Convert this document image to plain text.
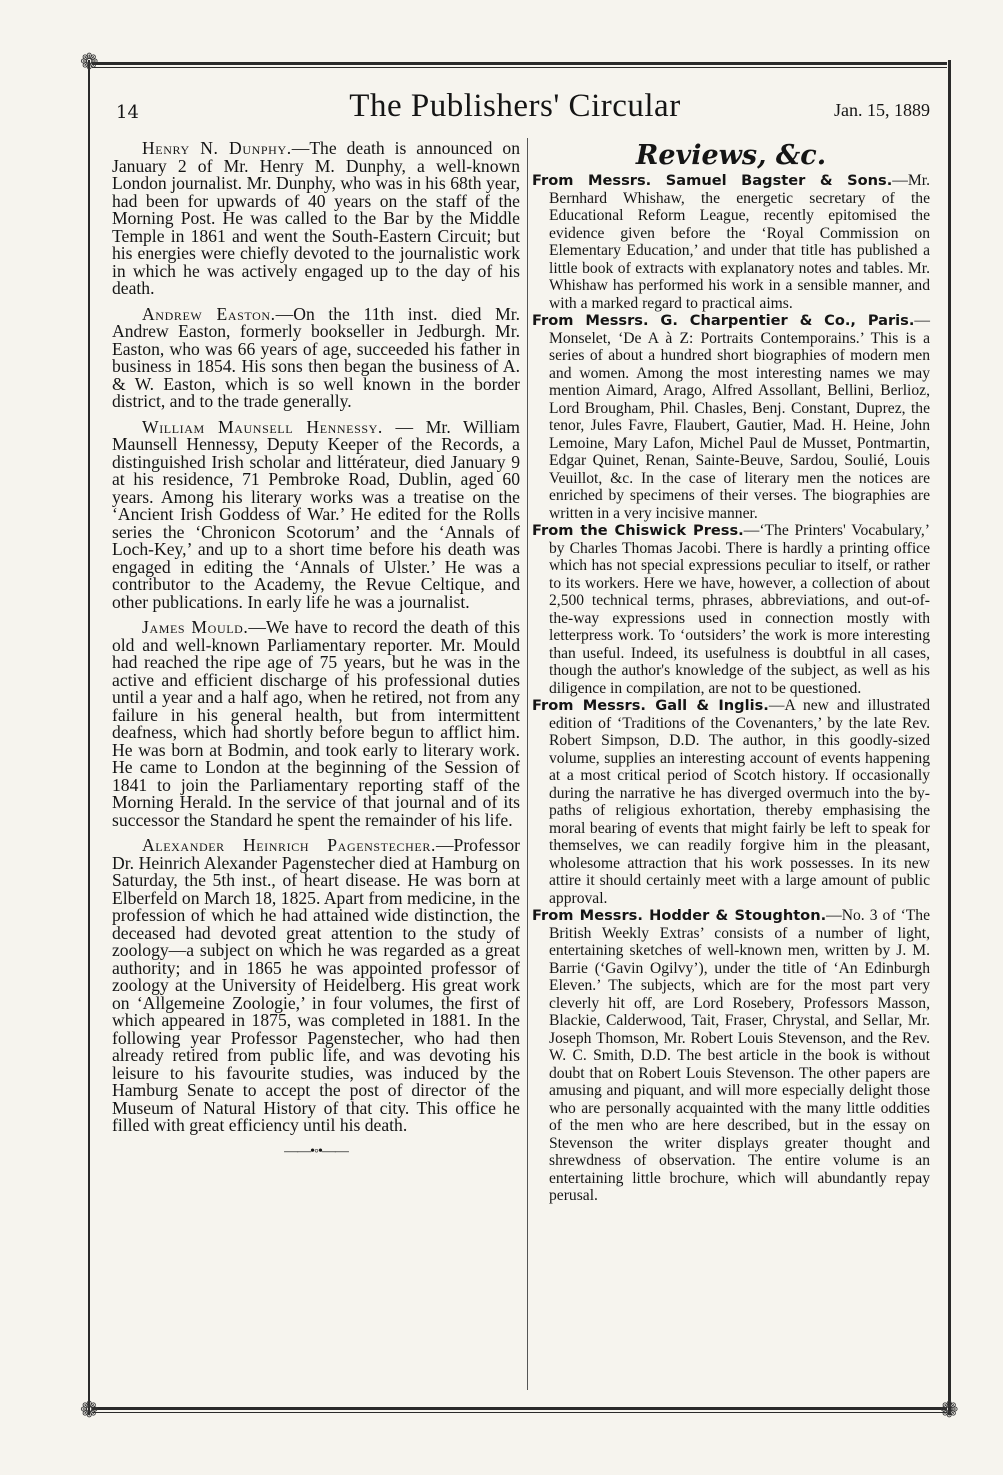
❁
❁	❁
14	The Publishers' Circular	Jan. 15, 1889

Henry N. Dunphy.—The death is announced on January 2 of Mr. Henry M. Dunphy, a well-known London journalist. Mr. Dunphy, who was in his 68th year, had been for upwards of 40 years on the staff of the Morning Post. He was called to the Bar by the Middle Temple in 1861 and went the South-Eastern Circuit; but his energies were chiefly devoted to the journalistic work in which he was actively engaged up to the day of his death.

Andrew Easton.—On the 11th inst. died Mr. Andrew Easton, formerly bookseller in Jedburgh. Mr. Easton, who was 66 years of age, succeeded his father in business in 1854. His sons then began the business of A. & W. Easton, which is so well known in the border district, and to the trade generally.

William Maunsell Hennessy. — Mr. William Maunsell Hennessy, Deputy Keeper of the Records, a distinguished Irish scholar and littérateur, died January 9 at his residence, 71 Pembroke Road, Dublin, aged 60 years. Among his literary works was a treatise on the ‘Ancient Irish Goddess of War.’ He edited for the Rolls series the ‘Chronicon Scotorum’ and the ‘Annals of Loch-Key,’ and up to a short time before his death was engaged in editing the ‘Annals of Ulster.’ He was a contributor to the Academy, the Revue Celtique, and other publications. In early life he was a journalist.

James Mould.—We have to record the death of this old and well-known Parliamentary reporter. Mr. Mould had reached the ripe age of 75 years, but he was in the active and efficient discharge of his professional duties until a year and a half ago, when he retired, not from any failure in his general health, but from intermittent deafness, which had shortly before begun to afflict him. He was born at Bodmin, and took early to literary work. He came to London at the beginning of the Session of 1841 to join the Parliamentary reporting staff of the Morning Herald. In the service of that journal and of its successor the Standard he spent the remainder of his life.

Alexander Heinrich Pagenstecher.—Professor Dr. Heinrich Alexander Pagenstecher died at Hamburg on Saturday, the 5th inst., of heart disease. He was born at Elberfeld on March 18, 1825. Apart from medicine, in the profession of which he had attained wide distinction, the deceased had devoted great attention to the study of zoology—a subject on which he was regarded as a great authority; and in 1865 he was appointed professor of zoology at the University of Heidelberg. His great work on ‘Allgemeine Zoologie,’ in four volumes, the first of which appeared in 1875, was completed in 1881. In the following year Professor Pagenstecher, who had then already retired from public life, and was devoting his leisure to his favourite studies, was induced by the Hamburg Senate to accept the post of director of the Museum of Natural History of that city. This office he filled with great efficiency until his death.

——•◦•——

Reviews, &c.

From Messrs. Samuel Bagster & Sons.—Mr. Bernhard Whishaw, the energetic secretary of the Educational Reform League, recently epitomised the evidence given before the ‘Royal Commission on Elementary Education,’ and under that title has published a little book of extracts with explanatory notes and tables. Mr. Whishaw has performed his work in a sensible manner, and with a marked regard to practical aims.

From Messrs. G. Charpentier & Co., Paris.—Monselet, ‘De A à Z: Portraits Contemporains.’ This is a series of about a hundred short biographies of modern men and women. Among the most interesting names we may mention Aimard, Arago, Alfred Assollant, Bellini, Berlioz, Lord Brougham, Phil. Chasles, Benj. Constant, Duprez, the tenor, Jules Favre, Flaubert, Gautier, Mad. H. Heine, John Lemoine, Mary Lafon, Michel Paul de Musset, Pontmartin, Edgar Quinet, Renan, Sainte-Beuve, Sardou, Soulié, Louis Veuillot, &c. In the case of literary men the notices are enriched by specimens of their verses. The biographies are written in a very incisive manner.

From the Chiswick Press.—‘The Printers' Vocabulary,’ by Charles Thomas Jacobi. There is hardly a printing office which has not special expressions peculiar to itself, or rather to its workers. Here we have, however, a collection of about 2,500 technical terms, phrases, abbreviations, and out-of-the-way expressions used in connection mostly with letterpress work. To ‘outsiders’ the work is more interesting than useful. Indeed, its usefulness is doubtful in all cases, though the author's knowledge of the subject, as well as his diligence in compilation, are not to be questioned.

From Messrs. Gall & Inglis.—A new and illustrated edition of ‘Traditions of the Covenanters,’ by the late Rev. Robert Simpson, D.D. The author, in this goodly-sized volume, supplies an interesting account of events happening at a most critical period of Scotch history. If occasionally during the narrative he has diverged overmuch into the by-paths of religious exhortation, thereby emphasising the moral bearing of events that might fairly be left to speak for themselves, we can readily forgive him in the pleasant, wholesome attraction that his work possesses. In its new attire it should certainly meet with a large amount of public approval.

From Messrs. Hodder & Stoughton.—No. 3 of ‘The British Weekly Extras’ consists of a number of light, entertaining sketches of well-known men, written by J. M. Barrie (‘Gavin Ogilvy’), under the title of ‘An Edinburgh Eleven.’ The subjects, which are for the most part very cleverly hit off, are Lord Rosebery, Professors Masson, Blackie, Calderwood, Tait, Fraser, Chrystal, and Sellar, Mr. Joseph Thomson, Mr. Robert Louis Stevenson, and the Rev. W. C. Smith, D.D. The best article in the book is without doubt that on Robert Louis Stevenson. The other papers are amusing and piquant, and will more especially delight those who are personally acquainted with the many little oddities of the men who are here described, but in the essay on Stevenson the writer displays greater thought and shrewdness of observation. The entire volume is an entertaining little brochure, which will abundantly repay perusal.
